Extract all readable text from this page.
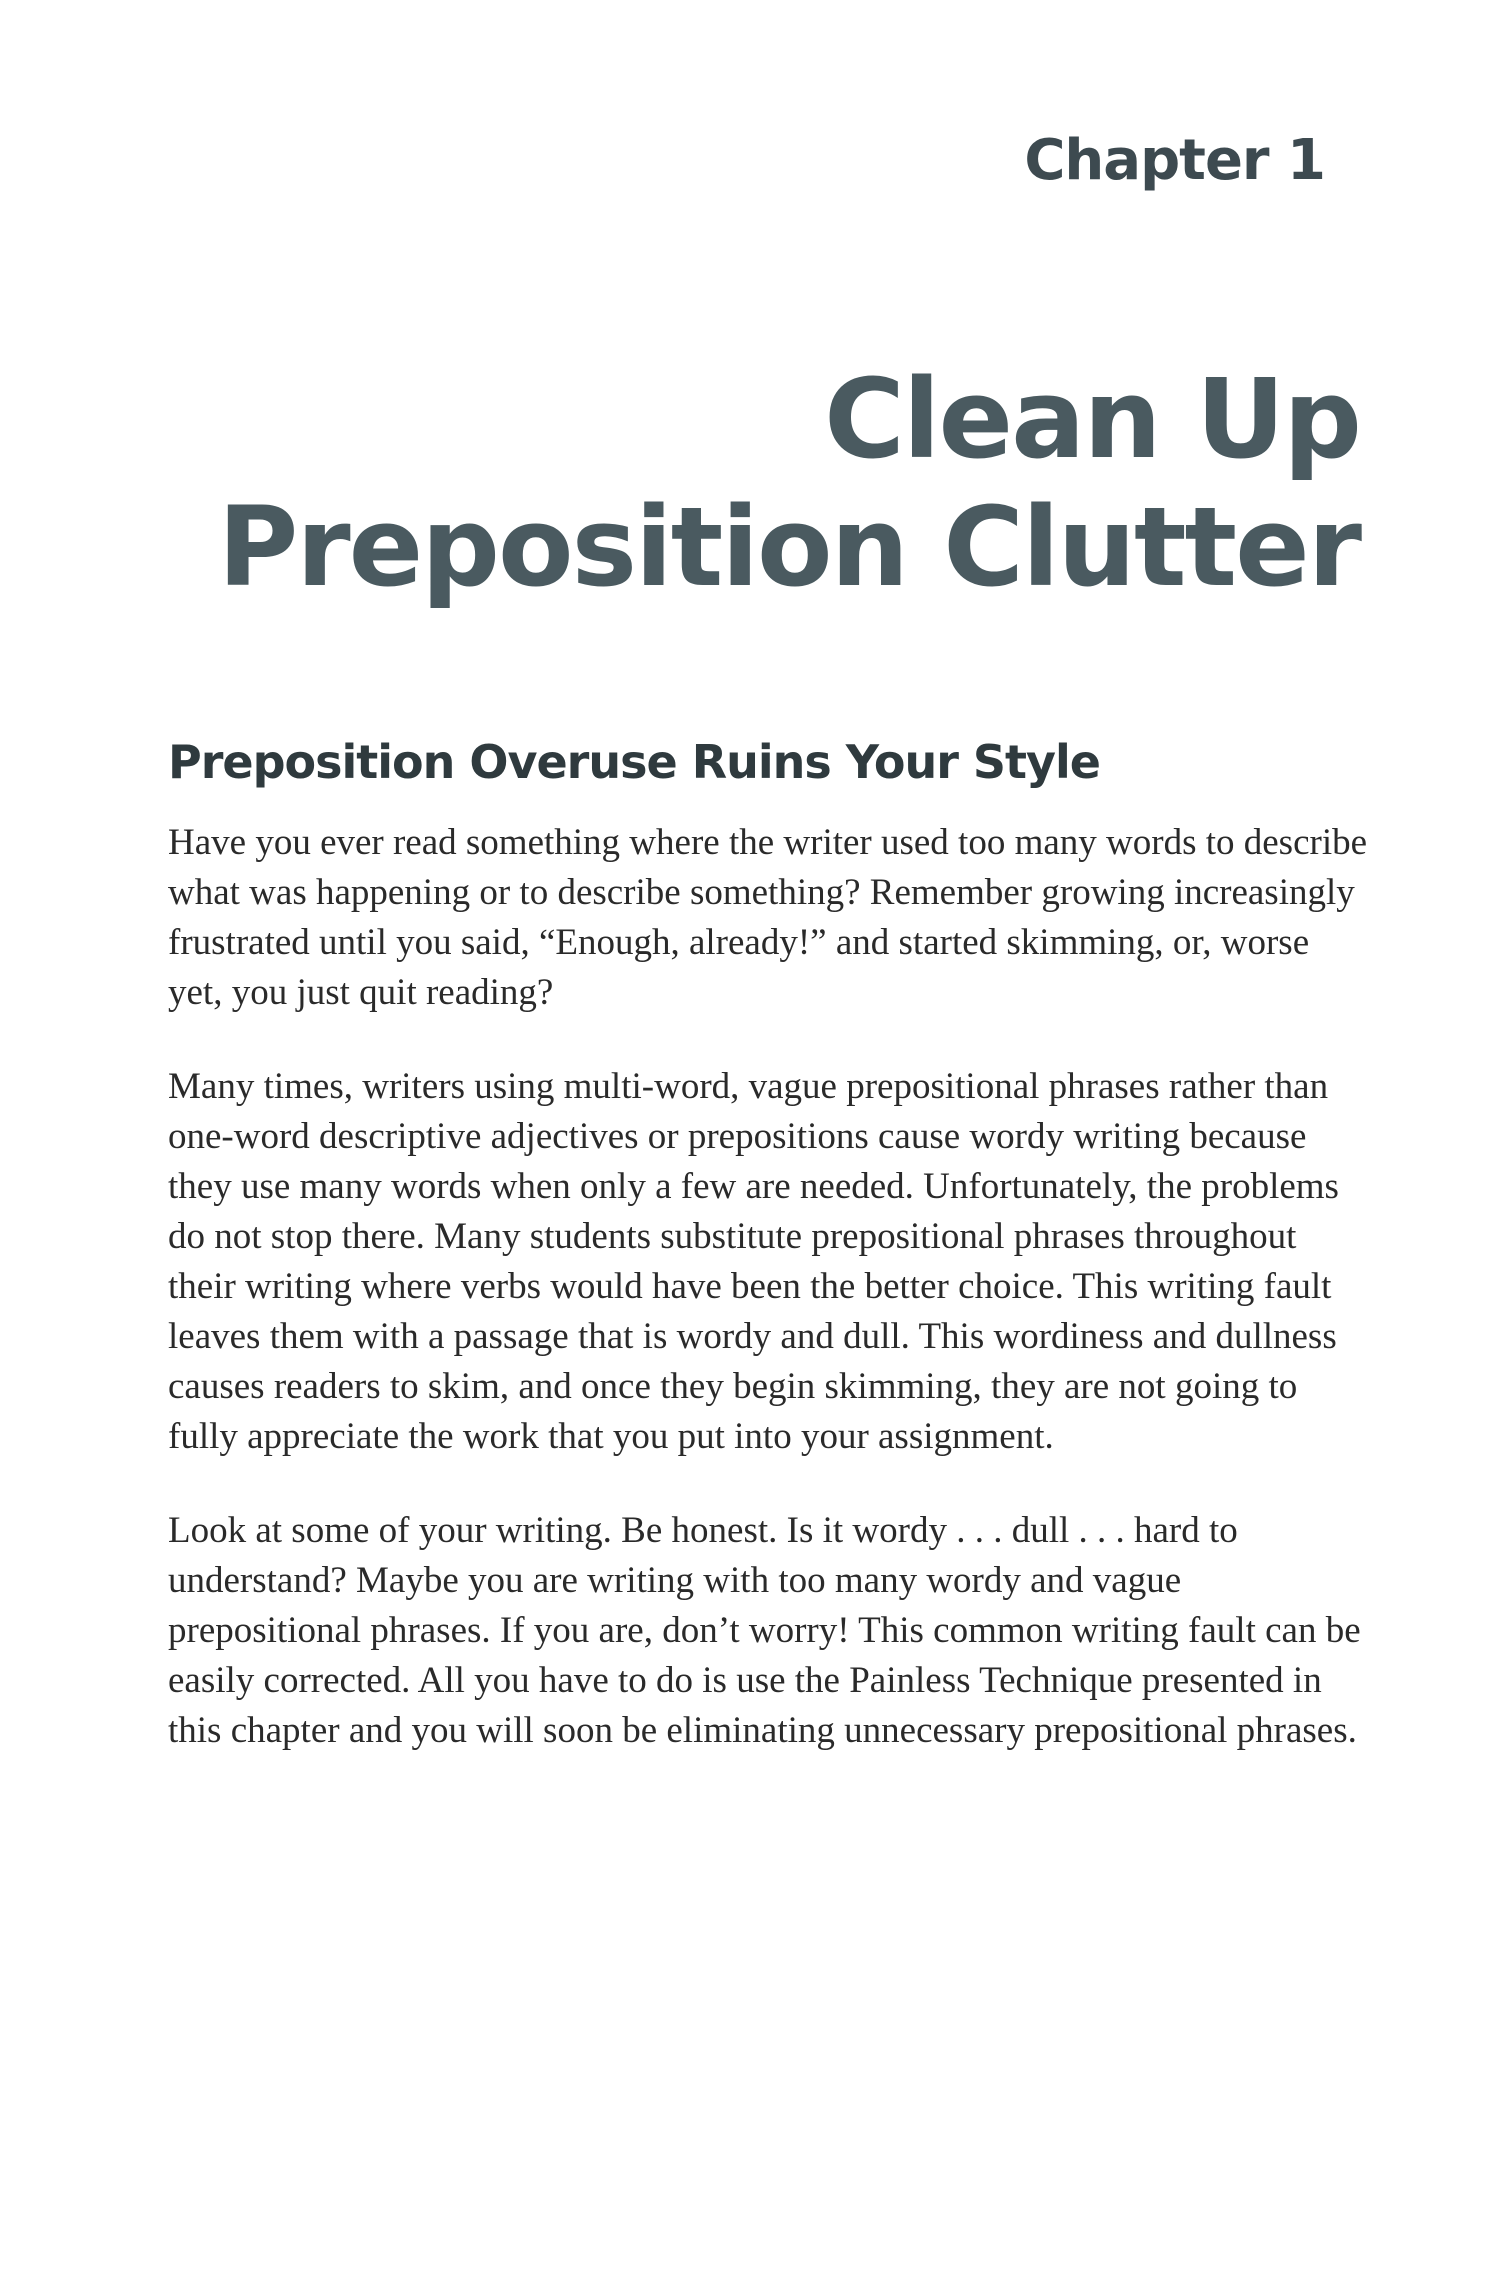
Chapter 1
Clean Up
Preposition Clutter
Preposition Overuse Ruins Your Style

Have you ever read something where the writer used too many words to describe what was happening or to describe something? Remember growing increasingly frustrated until you said, “Enough, already!” and started skimming, or, worse yet, you just quit reading?

Many times, writers using multi-word, vague prepositional phrases rather than one-word descriptive adjectives or prepositions cause wordy writing because they use many words when only a few are needed. Unfortunately, the problems do not stop there. Many students substitute prepositional phrases throughout their writing where verbs would have been the better choice. This writing fault leaves them with a passage that is wordy and dull. This wordiness and dullness causes readers to skim, and once they begin skimming, they are not going to fully appreciate the work that you put into your assignment.

Look at some of your writing. Be honest. Is it wordy . . . dull . . . hard to understand? Maybe you are writing with too many wordy and vague prepositional phrases. If you are, don’t worry! This common writing fault can be easily corrected. All you have to do is use the Painless Technique presented in this chapter and you will soon be eliminating unnecessary prepositional phrases.
